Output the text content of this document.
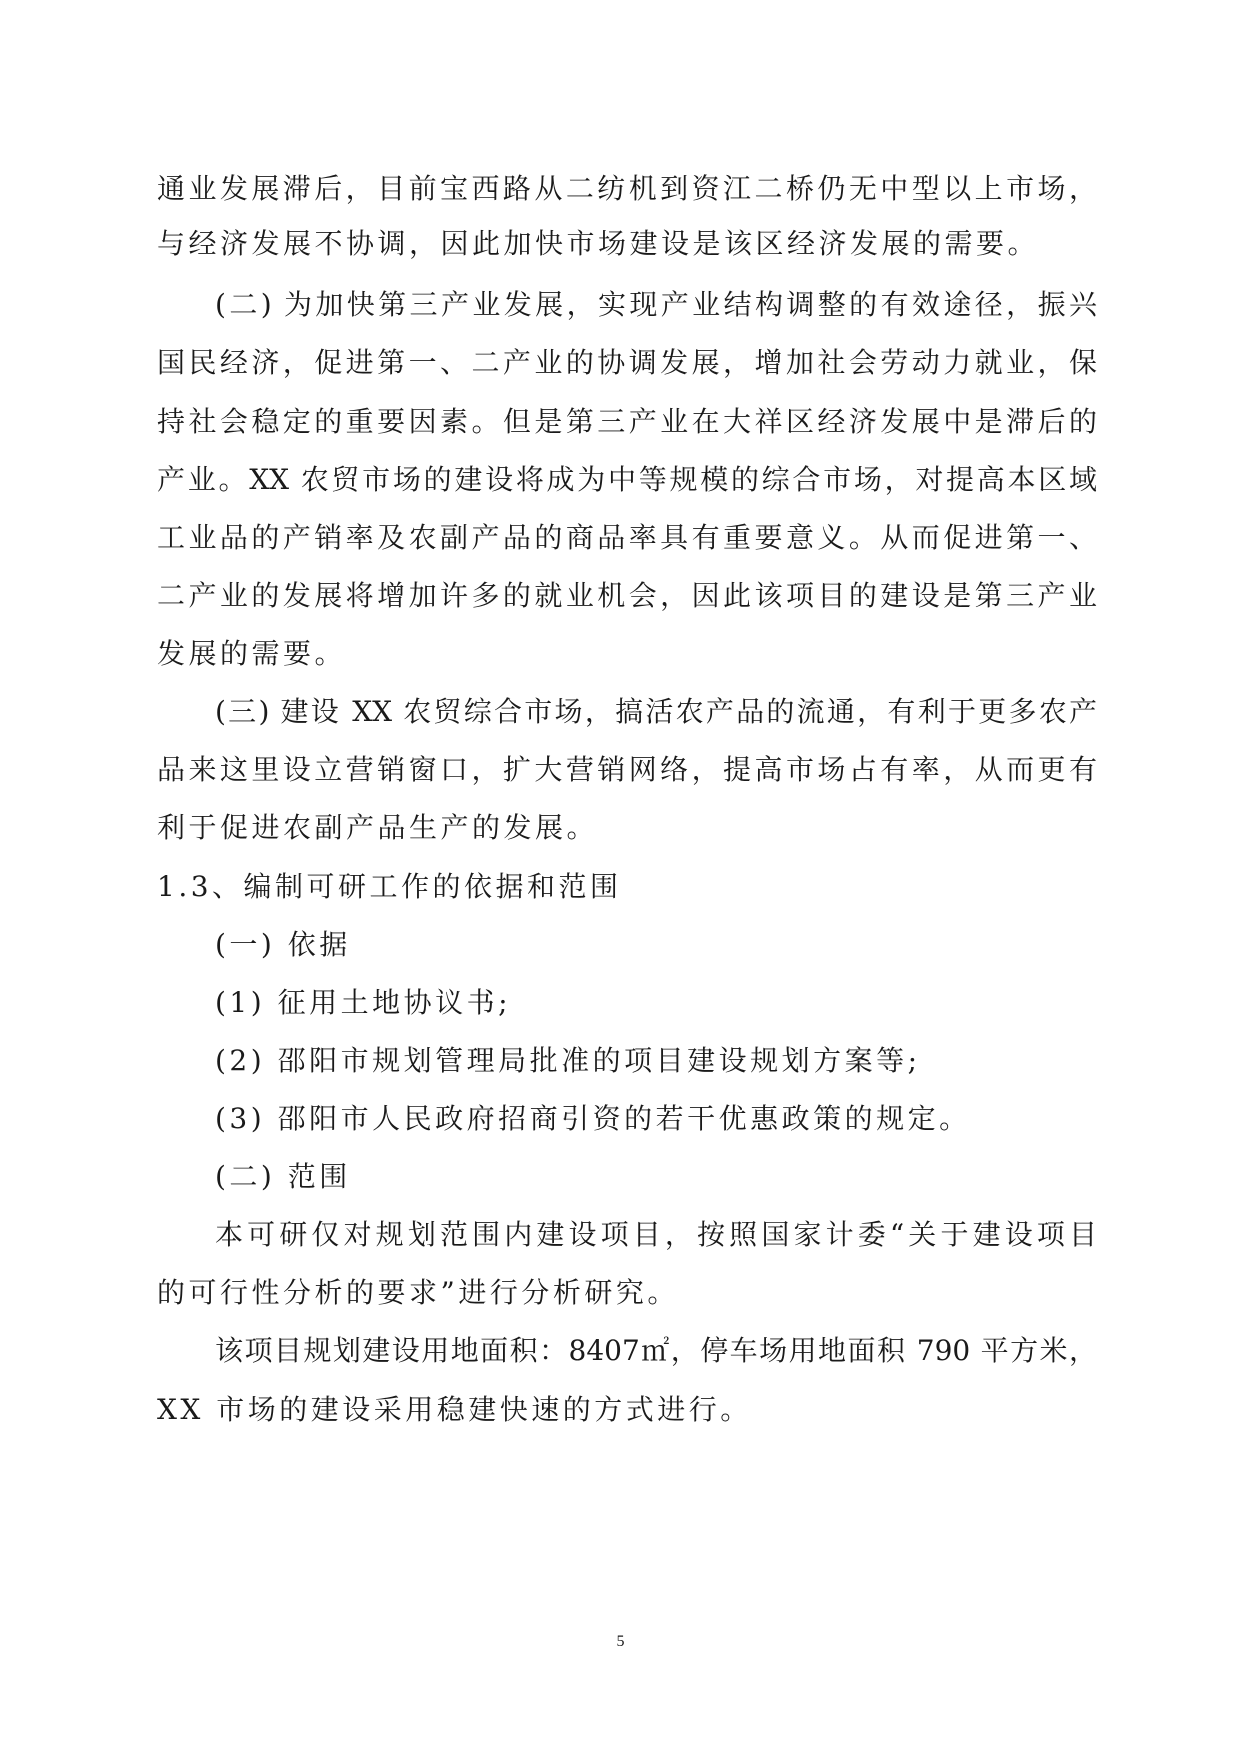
通业发展滞后，目前宝西路从二纺机到资江二桥仍无中型以上市场，
与经济发展不协调，因此加快市场建设是该区经济发展的需要。
(二) 为加快第三产业发展，实现产业结构调整的有效途径，振兴
国民经济，促进第一、二产业的协调发展，增加社会劳动力就业，保
持社会稳定的重要因素。但是第三产业在大祥区经济发展中是滞后的
产业。XX 农贸市场的建设将成为中等规模的综合市场，对提高本区域
工业品的产销率及农副产品的商品率具有重要意义。从而促进第一、
二产业的发展将增加许多的就业机会，因此该项目的建设是第三产业
发展的需要。
(三) 建设 XX 农贸综合市场，搞活农产品的流通，有利于更多农产
品来这里设立营销窗口，扩大营销网络，提高市场占有率，从而更有
利于促进农副产品生产的发展。
1.3、编制可研工作的依据和范围
(一) 依据
(1) 征用土地协议书;
(2) 邵阳市规划管理局批准的项目建设规划方案等;
(3) 邵阳市人民政府招商引资的若干优惠政策的规定。
(二) 范围
本可研仅对规划范围内建设项目，按照国家计委“关于建设项目
的可行性分析的要求”进行分析研究。
该项目规划建设用地面积：8407㎡，停车场用地面积 790 平方米，
XX 市场的建设采用稳建快速的方式进行。
5
